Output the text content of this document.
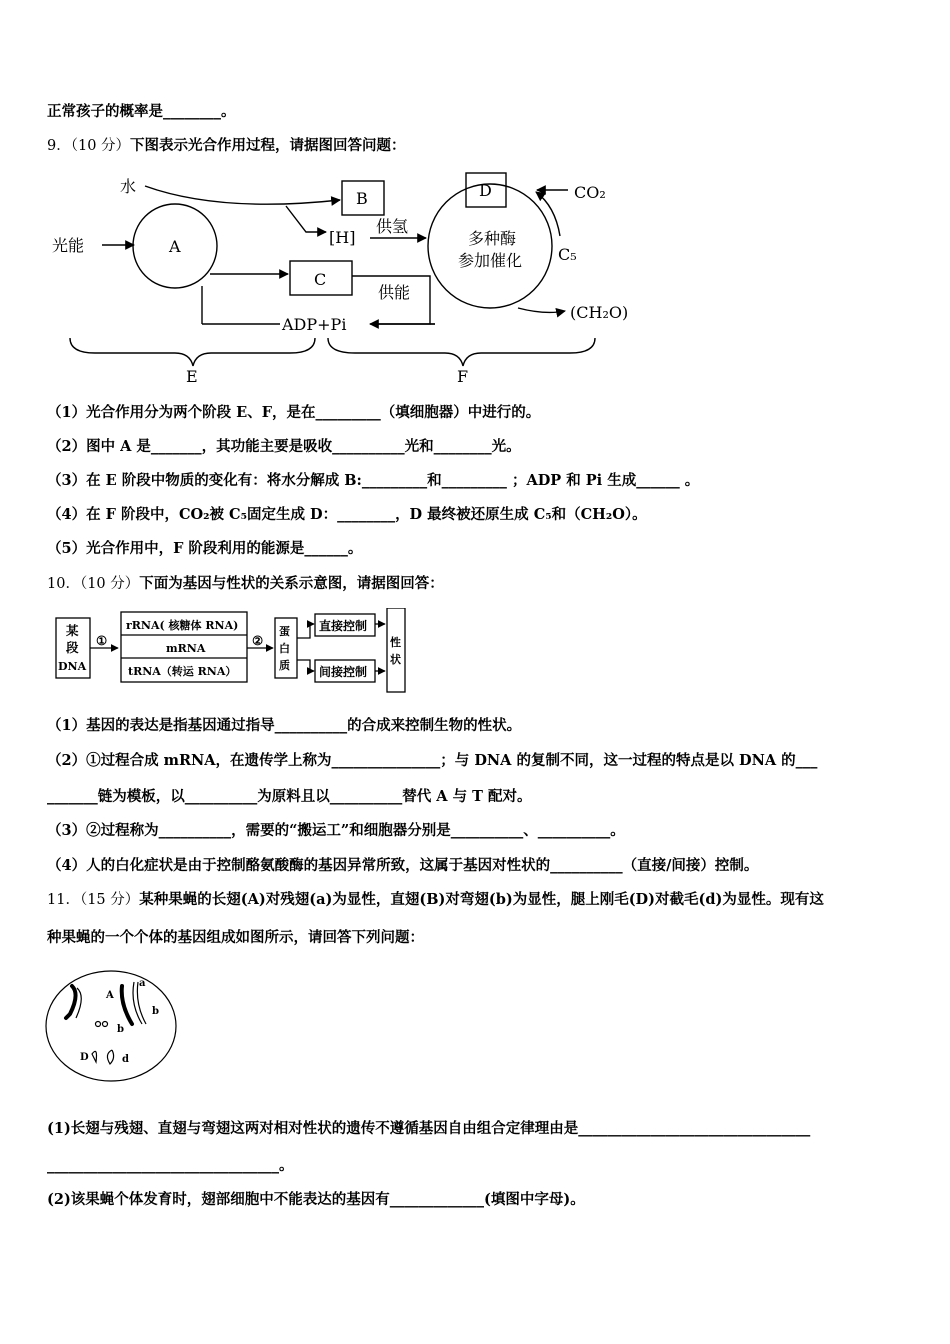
正常孩子的概率是________。
9．（10 分）下图表示光合作用过程，请据图回答问题：
水
光能	A
B
[H]
供氢
C
供能
ADP+Pi
D	CO₂
多种酶
参加催化 C₅
(CH₂O)
E	F
（1）光合作用分为两个阶段 E、F，是在_________（填细胞器）中进行的。
（2）图中 A 是_______，其功能主要是吸收__________光和________光。
（3）在 E 阶段中物质的变化有：将水分解成 B:_________和_________ ；ADP 和 Pi 生成______ 。
（4）在 F 阶段中，CO₂被 C₅固定生成 D：________，D 最终被还原生成 C₅和（CH₂O）。
（5）光合作用中，F 阶段利用的能源是______。
10．（10 分）下面为基因与性状的关系示意图，请据图回答：
某
段
DNA
①
rRNA( 核糖体 RNA)
mRNA
tRNA（转运 RNA）
②
蛋
白
质
直接控制
间接控制
性
状
（1）基因的表达是指基因通过指导__________的合成来控制生物的性状。
（2）①过程合成 mRNA，在遗传学上称为_______________；与 DNA 的复制不同，这一过程的特点是以 DNA 的___
_______链为模板，以__________为原料且以__________替代 A 与 T 配对。
（3）②过程称为__________，需要的“搬运工”和细胞器分别是__________、__________。
（4）人的白化症状是由于控制酪氨酸酶的基因异常所致，这属于基因对性状的__________（直接/间接）控制。
11．（15 分）某种果蝇的长翅(A)对残翅(a)为显性，直翅(B)对弯翅(b)为显性，腿上刚毛(D)对截毛(d)为显性。现有这
种果蝇的一个个体的基因组成如图所示，请回答下列问题：
A
a
b
b
D	d
(1)长翅与残翅、直翅与弯翅这两对相对性状的遗传不遵循基因自由组合定律理由是________________________________
________________________________。
(2)该果蝇个体发育时，翅部细胞中不能表达的基因有_____________(填图中字母)。
